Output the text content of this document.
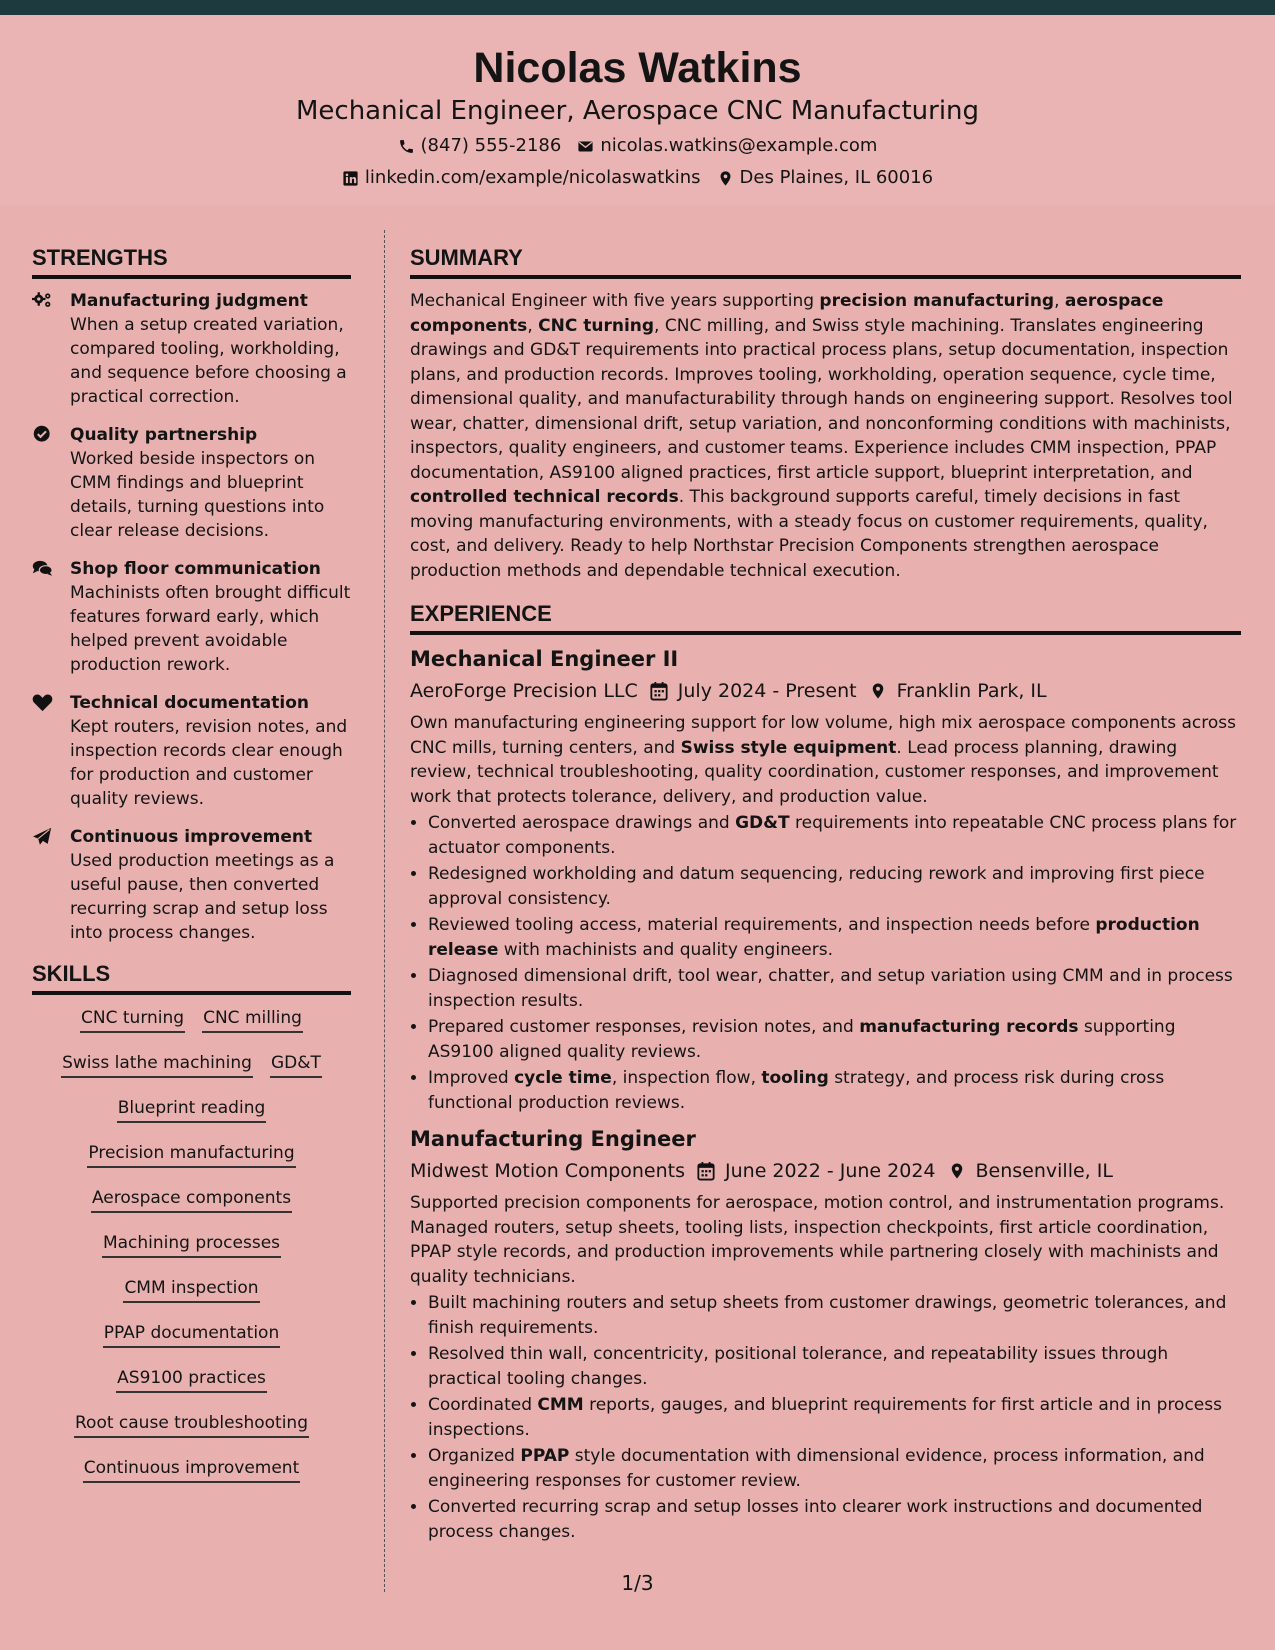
Nicolas Watkins
Mechanical Engineer, Aerospace CNC Manufacturing
(847) 555-2186 nicolas.watkins@example.com
linkedin.com/example/nicolaswatkins Des Plaines, IL 60016
STRENGTHS
Manufacturing judgment
When a setup created variation, compared tooling, workholding, and sequence before choosing a practical correction.
Quality partnership
Worked beside inspectors on CMM findings and blueprint details, turning questions into clear release decisions.
Shop floor communication
Machinists often brought difficult features forward early, which helped prevent avoidable production rework.
Technical documentation
Kept routers, revision notes, and inspection records clear enough for production and customer quality reviews.
Continuous improvement
Used production meetings as a useful pause, then converted recurring scrap and setup loss into process changes.
SKILLS
CNC turning CNC milling
Swiss lathe machining GD&T
Blueprint reading
Precision manufacturing
Aerospace components
Machining processes
CMM inspection
PPAP documentation
AS9100 practices
Root cause troubleshooting
Continuous improvement
SUMMARY

Mechanical Engineer with five years supporting precision manufacturing, aerospace components, CNC turning, CNC milling, and Swiss style machining. Translates engineering drawings and GD&T requirements into practical process plans, setup documentation, inspection plans, and production records. Improves tooling, workholding, operation sequence, cycle time, dimensional quality, and manufacturability through hands on engineering support. Resolves tool wear, chatter, dimensional drift, setup variation, and nonconforming conditions with machinists, inspectors, quality engineers, and customer teams. Experience includes CMM inspection, PPAP documentation, AS9100 aligned practices, first article support, blueprint interpretation, and controlled technical records. This background supports careful, timely decisions in fast moving manufacturing environments, with a steady focus on customer requirements, quality, cost, and delivery. Ready to help Northstar Precision Components strengthen aerospace production methods and dependable technical execution.

EXPERIENCE
Mechanical Engineer II
AeroForge Precision LLC July 2024 - Present Franklin Park, IL

Own manufacturing engineering support for low volume, high mix aerospace components across CNC mills, turning centers, and Swiss style equipment. Lead process planning, drawing review, technical troubleshooting, quality coordination, customer responses, and improvement work that protects tolerance, delivery, and production value.

• Converted aerospace drawings and GD&T requirements into repeatable CNC process plans for actuator components.
• Redesigned workholding and datum sequencing, reducing rework and improving first piece approval consistency.
• Reviewed tooling access, material requirements, and inspection needs before production release with machinists and quality engineers.
• Diagnosed dimensional drift, tool wear, chatter, and setup variation using CMM and in process inspection results.
• Prepared customer responses, revision notes, and manufacturing records supporting AS9100 aligned quality reviews.
• Improved cycle time, inspection flow, tooling strategy, and process risk during cross functional production reviews.
Manufacturing Engineer
Midwest Motion Components June 2022 - June 2024 Bensenville, IL

Supported precision components for aerospace, motion control, and instrumentation programs. Managed routers, setup sheets, tooling lists, inspection checkpoints, first article coordination, PPAP style records, and production improvements while partnering closely with machinists and quality technicians.

• Built machining routers and setup sheets from customer drawings, geometric tolerances, and finish requirements.
• Resolved thin wall, concentricity, positional tolerance, and repeatability issues through practical tooling changes.
• Coordinated CMM reports, gauges, and blueprint requirements for first article and in process inspections.
• Organized PPAP style documentation with dimensional evidence, process information, and engineering responses for customer review.
• Converted recurring scrap and setup losses into clearer work instructions and documented process changes.
1/3
